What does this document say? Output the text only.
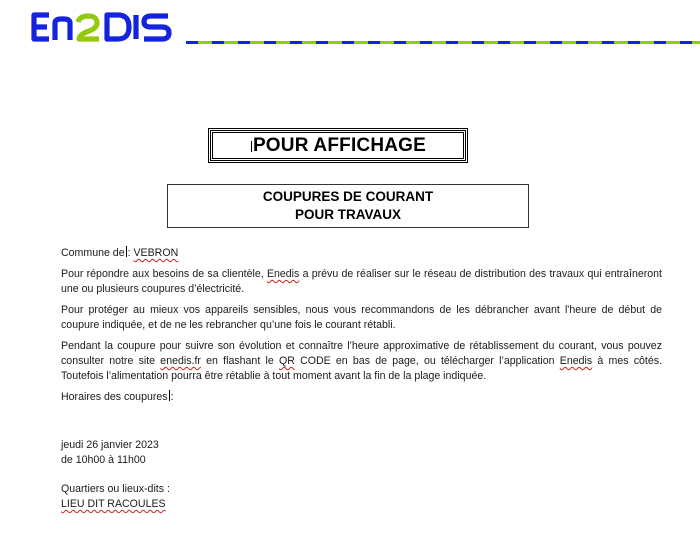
POUR AFFICHAGE
COUPURES DE COURANT
POUR TRAVAUX

Commune de : VEBRON

Pour répondre aux besoins de sa clientèle, Enedis a prévu de réaliser sur le réseau de distribution des travaux qui entraîneront une ou plusieurs coupures d’électricité.

Pour protéger au mieux vos appareils sensibles, nous vous recommandons de les débrancher avant l'heure de début de coupure indiquée, et de ne les rebrancher qu’une fois le courant rétabli.

Pendant la coupure pour suivre son évolution et connaître l’heure approximative de rétablissement du courant, vous pouvez consulter notre site enedis.fr en flashant le QR CODE en bas de page, ou télécharger l’application Enedis à mes côtés. Toutefois l’alimentation pourra être rétablie à tout moment avant la fin de la plage indiquée.

Horaires des coupures :

jeudi 26 janvier 2023
de 10h00 à 11h00
Quartiers ou lieux-dits :
LIEU DIT RACOULES
